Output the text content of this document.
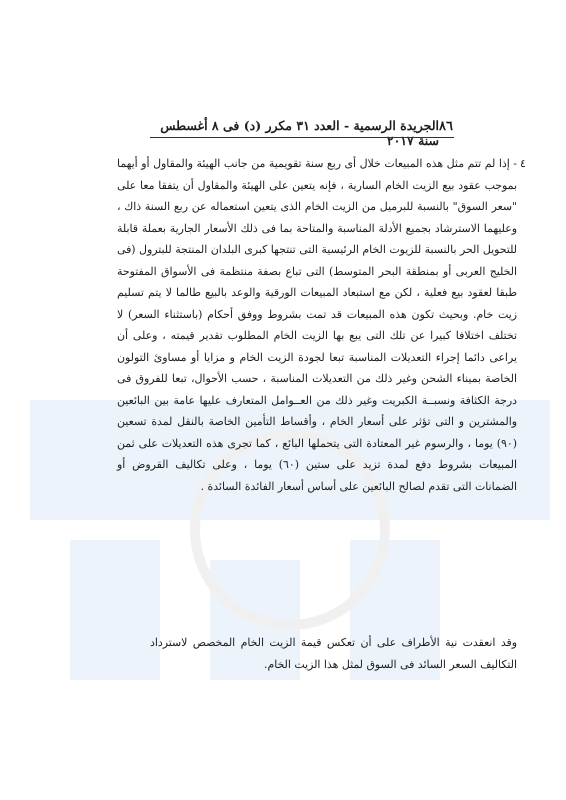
٨٦
الجريدة الرسمية - العدد ٣١ مكرر (د) فى ٨ أغسطس سنة ٢٠١٧
٤

- إذا لم تتم مثل هذه المبيعات خلال أى ربع سنة تقويمية من جانب الهيئة والمقاول أو أيهما بموجب عقود بيع الزيت الخام السارية ، فإنه يتعين على الهيئة والمقاول أن يتفقا معا على "سعر السوق" بالنسبة للبرميل من الزيت الخام الذى يتعين استعماله عن ربع السنة ذاك ، وعليهما الاسترشاد بجميع الأدلة المناسبة والمتاحة بما فى ذلك الأسعار الجارية بعملة قابلة للتحويل الحر بالنسبة للزيوت الخام الرئيسية التى تنتجها كبرى البلدان المنتجة للبترول (فى الخليج العربى أو بمنطقة البحر المتوسط) التى تباع بصفة منتظمة فى الأسواق المفتوحة طبقا لعقود بيع فعلية ، لكن مع استبعاد المبيعات الورقية والوعد بالبيع طالما لا يتم تسليم زيت خام. وبحيث تكون هذه المبيعات قد تمت بشروط ووفق أحكام (باستثناء السعر) لا تختلف اختلافا كبيرا عن تلك التى يبع بها الزيت الخام المطلوب تقدير قيمته ، وعلى أن يراعى دائما إجراء التعديلات المناسبة تبعا لجودة الزيت الخام و مزايا أو مساوئ التولون الخاصة بميناء الشحن وغير ذلك من التعديلات المناسبة ، حسب الأحوال، تبعا للفروق فى درجة الكثافة ونسبــة الكبريت وغير ذلك من العــوامل المتعارف عليها عامة بين البائعين والمشترين و التى تؤثر على أسعار الخام ، وأقساط التأمين الخاصة بالنقل لمدة تسعين (٩٠) يوما ، والرسوم غير المعتادة التى يتحملها البائع ، كما تجرى هذه التعديلات على ثمن المبيعات بشروط دفع لمدة تزيد على ستين (٦٠) يوما ، وعلى تكاليف القروض أو الضمانات التى تقدم لصالح البائعين على أساس أسعار الفائدة السائدة .

وقد انعقدت نية الأطراف على أن تعكس قيمة الزيت الخام المخصص لاسترداد التكاليف السعر السائد فى السوق لمثل هذا الزيت الخام.
